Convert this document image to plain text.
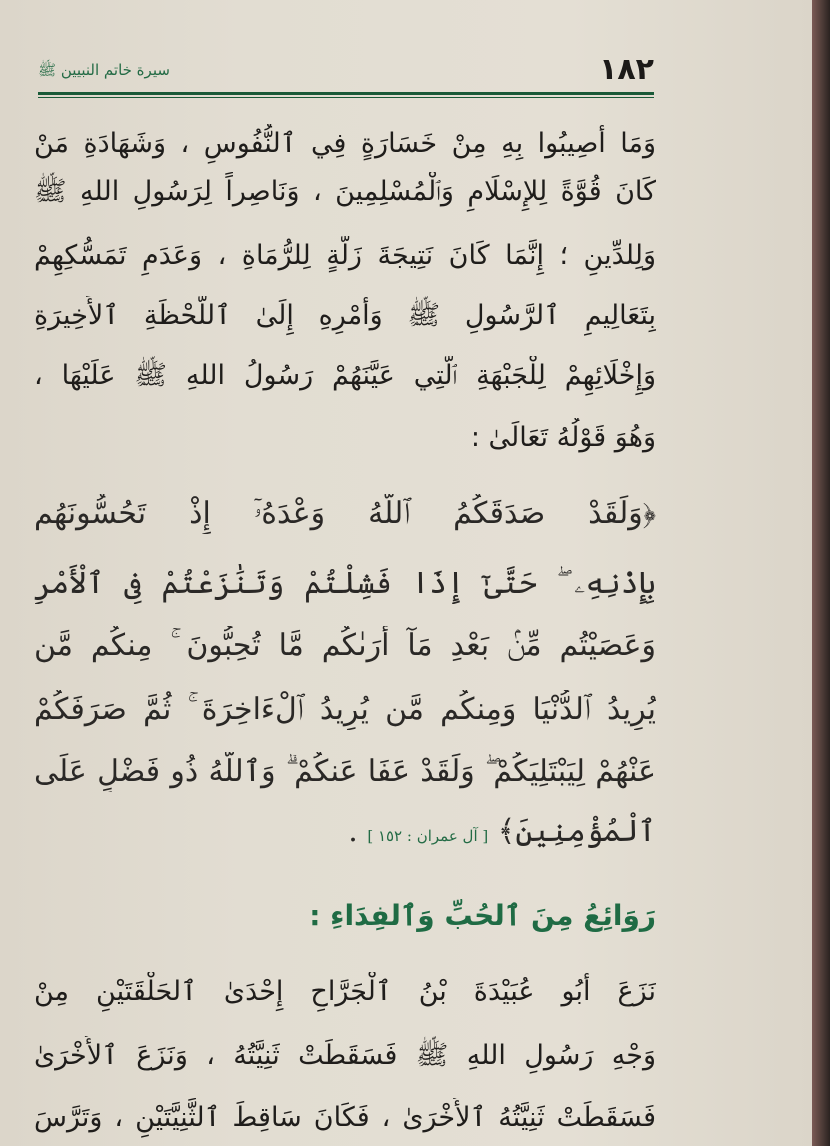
١٨٢
سيرة خاتم النبيين ﷺ
وَمَا أُصِيبُوا بِهِ مِنْ خَسَارَةٍ فِي ٱلنُّفُوسِ ، وَشَهَادَةِ مَنْ
كَانَ قُوَّةً لِلإِسْلَامِ وَٱلْمُسْلِمِينَ ، وَنَاصِراً لِرَسُولِ اللهِ ﷺ
وَلِلدِّينِ ؛ إِنَّمَا كَانَ نَتِيجَةَ زَلَّةٍ لِلرُّمَاةِ ، وَعَدَمِ تَمَسُّكِهِمْ
بِتَعَالِيمِ ٱلرَّسُولِ ﷺ وَأَمْرِهِ إِلَىٰ ٱللَّحْظَةِ ٱلأَخِيرَةِ
وَإِخْلَائِهِمْ لِلْجَبْهَةِ ٱلَّتِي عَيَّنَهُمْ رَسُولُ اللهِ ﷺ عَلَيْهَا ،
وَهُوَ قَوْلُهُ تَعَالَىٰ :
﴿وَلَقَدْ صَدَقَكُمُ ٱللَّهُ وَعْدَهُۥٓ إِذْ تَحُسُّونَهُم
بِإِذْنِهِۦ ۖ حَتَّىٰٓ إِذَا فَشِلْتُمْ وَتَنَٰزَعْتُمْ فِى ٱلْأَمْرِ
وَعَصَيْتُم مِّنۢ بَعْدِ مَآ أَرَىٰكُم مَّا تُحِبُّونَ ۚ مِنكُم مَّن
يُرِيدُ ٱلدُّنْيَا وَمِنكُم مَّن يُرِيدُ ٱلْءَاخِرَةَ ۚ ثُمَّ صَرَفَكُمْ
عَنْهُمْ لِيَبْتَلِيَكُمْ ۖ وَلَقَدْ عَفَا عَنكُمْ ۗ وَٱللَّهُ ذُو فَضْلٍ عَلَى
ٱلْمُؤْمِنِينَ﴾ [ آل عمران : ١٥٢ ] .
رَوَائِعُ مِنَ ٱلحُبِّ وَٱلفِدَاءِ :
نَزَعَ أَبُو عُبَيْدَةَ بْنُ ٱلْجَرَّاحِ إِحْدَىٰ ٱلحَلْقَتَيْنِ مِنْ
وَجْهِ رَسُولِ اللهِ ﷺ فَسَقَطَتْ ثَنِيَّتُهُ ، وَنَزَعَ ٱلأُخْرَىٰ
فَسَقَطَتْ ثَنِيَّتُهُ ٱلأُخْرَىٰ ، فَكَانَ سَاقِطَ ٱلثَّنِيَّتَيْنِ ، وَتَرَّسَ
